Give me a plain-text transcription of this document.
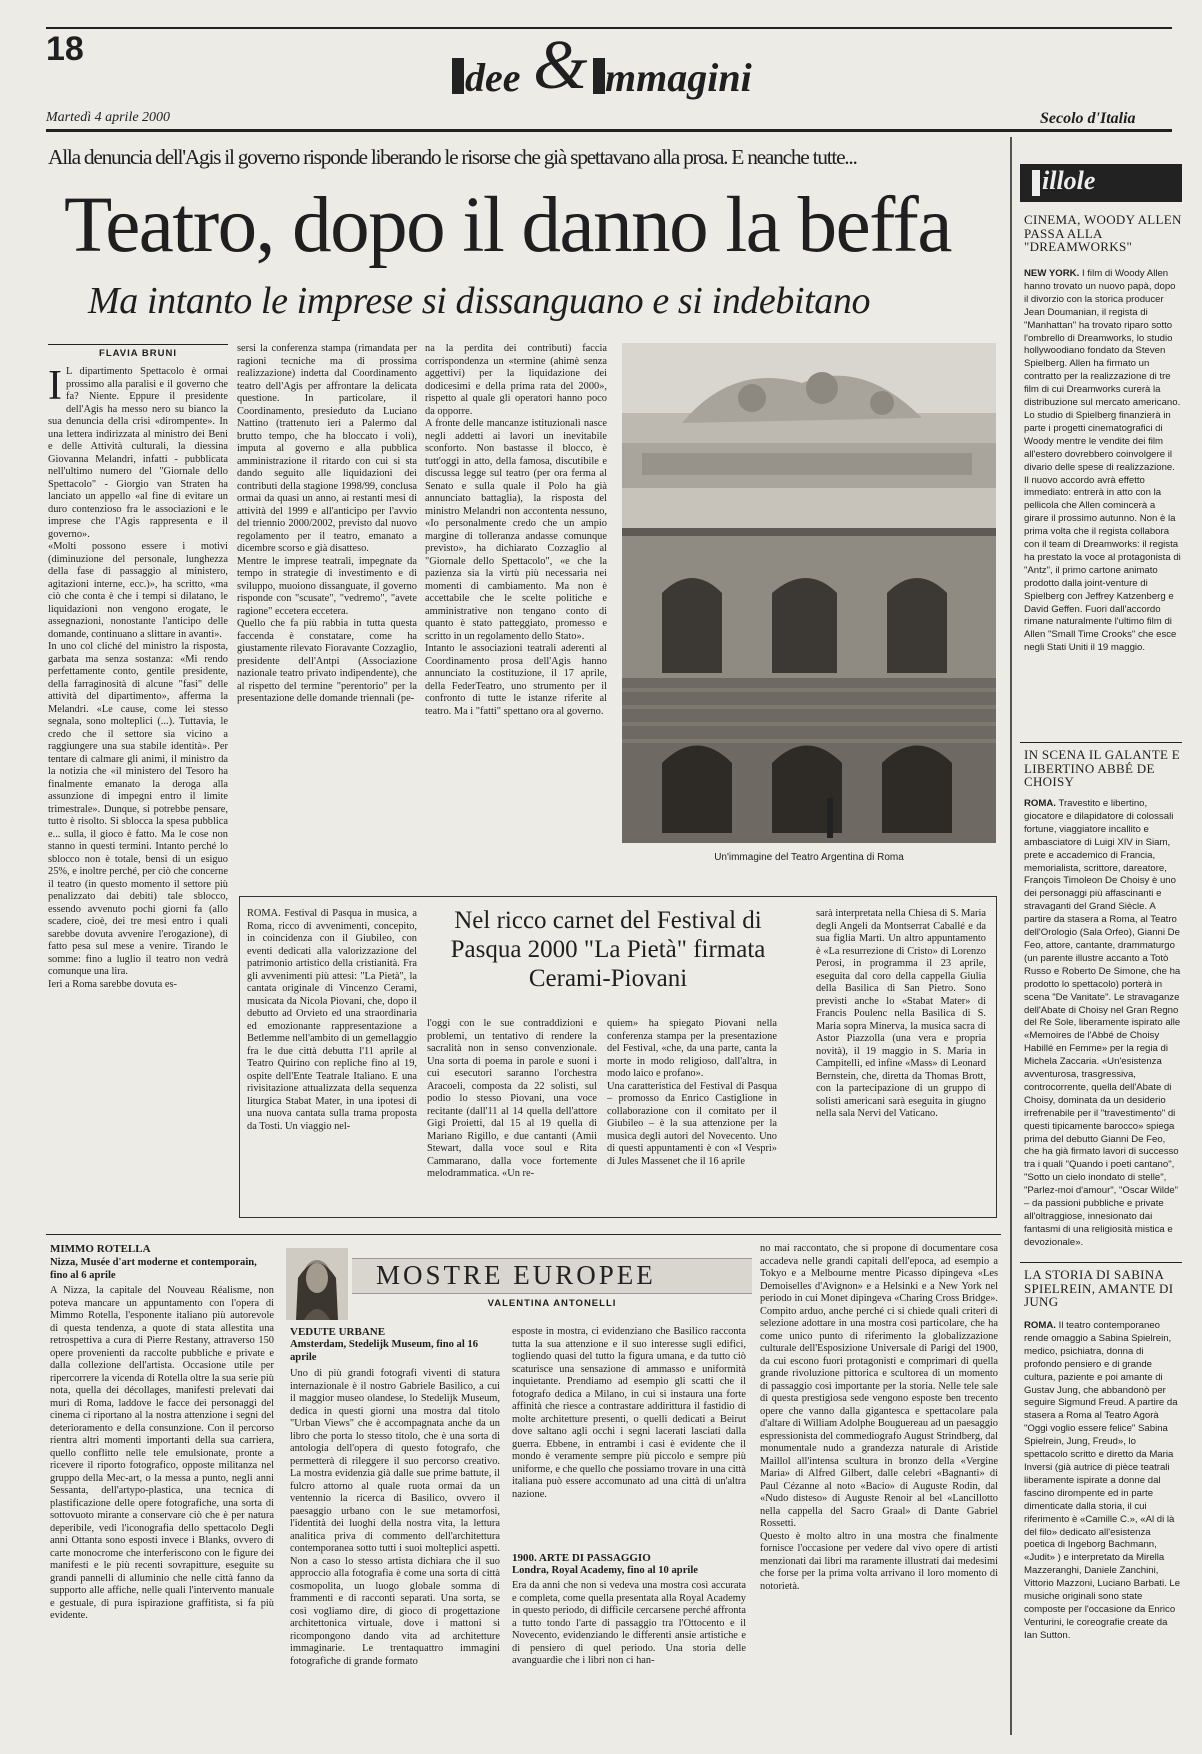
18
dee & mmagini
Martedì 4 aprile 2000	Secolo d'Italia
Alla denuncia dell'Agis il governo risponde liberando le risorse che già spettavano alla prosa. E neanche tutte...
Teatro, dopo il danno la beffa
Ma intanto le imprese si dissanguano e si indebitano
FLAVIA BRUNI
I L dipartimento Spettacolo è ormai prossimo alla paralisi e il governo che fa? Niente. Eppure il presidente dell'Agis ha messo nero su bianco la sua denuncia della crisi «dirompente». In una lettera indirizzata al ministro dei Beni e delle Attività culturali, la diessina Giovanna Melandri, infatti - pubblicata nell'ultimo numero del "Giornale dello Spettacolo" - Giorgio van Straten ha lanciato un appello «al fine di evitare un duro contenzioso fra le associazioni e le imprese che l'Agis rappresenta e il governo».
«Molti possono essere i motivi (diminuzione del personale, lunghezza della fase di passaggio al ministero, agitazioni interne, ecc.)», ha scritto, «ma ciò che conta è che i tempi si dilatano, le liquidazioni non vengono erogate, le assegnazioni, nonostante l'anticipo delle domande, continuano a slittare in avanti».
In uno col cliché del ministro la risposta, garbata ma senza sostanza: «Mi rendo perfettamente conto, gentile presidente, della farraginosità di alcune "fasi" delle attività del dipartimento», afferma la Melandri. «Le cause, come lei stesso segnala, sono molteplici (...). Tuttavia, le credo che il settore sia vicino a raggiungere una sua stabile identità». Per tentare di calmare gli animi, il ministro da la notizia che «il ministero del Tesoro ha finalmente emanato la deroga alla assunzione di impegni entro il limite trimestrale». Dunque, si potrebbe pensare, tutto è risolto. Si sblocca la spesa pubblica e... sulla, il gioco è fatto. Ma le cose non stanno in questi termini. Intanto perché lo sblocco non è totale, bensì di un esiguo 25%, e inoltre perché, per ciò che concerne il teatro (in questo momento il settore più penalizzato dai debiti) tale sblocco, essendo avvenuto pochi giorni fa (allo scadere, cioè, dei tre mesi entro i quali sarebbe dovuta avvenire l'erogazione), di fatto pesa sul mese a venire. Tirando le somme: fino a luglio il teatro non vedrà comunque una lira.
Ieri a Roma sarebbe dovuta es-
sersi la conferenza stampa (rimandata per ragioni tecniche ma di prossima realizzazione) indetta dal Coordinamento teatro dell'Agis per affrontare la delicata questione. In particolare, il Coordinamento, presieduto da Luciano Nattino (trattenuto ieri a Palermo dal brutto tempo, che ha bloccato i voli), imputa al governo e alla pubblica amministrazione il ritardo con cui si sta dando seguito alle liquidazioni dei contributi della stagione 1998/99, conclusa ormai da quasi un anno, ai restanti mesi di attività del 1999 e all'anticipo per l'avvio del triennio 2000/2002, previsto dal nuovo regolamento per il teatro, emanato a dicembre scorso e già disatteso.
Mentre le imprese teatrali, impegnate da tempo in strategie di investimento e di sviluppo, muoiono dissanguate, il governo risponde con "scusate", "vedremo", "avete ragione" eccetera eccetera.
Quello che fa più rabbia in tutta questa faccenda è constatare, come ha giustamente rilevato Fioravante Cozzaglio, presidente dell'Antpi (Associazione nazionale teatro privato indipendente), che al rispetto del termine "perentorio" per la presentazione delle domande triennali (pe-
na la perdita dei contributi) faccia corrispondenza un «termine (ahimè senza aggettivi) per la liquidazione dei dodicesimi e della prima rata del 2000», rispetto al quale gli operatori hanno poco da opporre.
A fronte delle mancanze istituzionali nasce negli addetti ai lavori un inevitabile sconforto. Non bastasse il blocco, è tutt'oggi in atto, della famosa, discutibile e discussa legge sul teatro (per ora ferma al Senato e sulla quale il Polo ha già annunciato battaglia), la risposta del ministro Melandri non accontenta nessuno, «Io personalmente credo che un ampio margine di tolleranza andasse comunque previsto», ha dichiarato Cozzaglio al "Giornale dello Spettacolo", «e che la pazienza sia la virtù più necessaria nei momenti di cambiamento. Ma non è accettabile che le scelte politiche e amministrative non tengano conto di quanto è stato patteggiato, promesso e scritto in un regolamento dello Stato».
Intanto le associazioni teatrali aderenti al Coordinamento prosa dell'Agis hanno annunciato la costituzione, il 17 aprile, della FederTeatro, uno strumento per il confronto di tutte le istanze riferite al teatro. Ma i "fatti" spettano ora al governo.
Un'immagine del Teatro Argentina di Roma
ROMA. Festival di Pasqua in musica, a Roma, ricco di avvenimenti, concepito, in coincidenza con il Giubileo, con eventi dedicati alla valorizzazione del patrimonio artistico della cristianità. Fra gli avvenimenti più attesi: "La Pietà", la cantata originale di Vincenzo Cerami, musicata da Nicola Piovani, che, dopo il debutto ad Orvieto ed una straordinaria ed emozionante rappresentazione a Betlemme nell'ambito di un gemellaggio fra le due città debutta l'11 aprile al Teatro Quirino con repliche fino al 19, ospite dell'Ente Teatrale Italiano. E una rivisitazione attualizzata della sequenza liturgica Stabat Mater, in una ipotesi di una nuova cantata sulla trama proposta da Tosti. Un viaggio nel-
Nel ricco carnet del Festival di Pasqua 2000 "La Pietà" firmata Cerami-Piovani
l'oggi con le sue contraddizioni e problemi, un tentativo di rendere la sacralità non in senso convenzionale. Una sorta di poema in parole e suoni i cui esecutori saranno l'orchestra Aracoeli, composta da 22 solisti, sul podio lo stesso Piovani, una voce recitante (dall'11 al 14 quella dell'attore Gigi Proietti, dal 15 al 19 quella di Mariano Rigillo, e due cantanti (Amii Stewart, dalla voce soul e Rita Cammarano, dalla voce fortemente melodrammatica. «Un re-
quiem» ha spiegato Piovani nella conferenza stampa per la presentazione del Festival, «che, da una parte, canta la morte in modo religioso, dall'altra, in modo laico e profano».
Una caratteristica del Festival di Pasqua – promosso da Enrico Castiglione in collaborazione con il comitato per il Giubileo – è la sua attenzione per la musica degli autori del Novecento. Uno di questi appuntamenti è con «I Vespri» di Jules Massenet che il 16 aprile
sarà interpretata nella Chiesa di S. Maria degli Angeli da Montserrat Caballé e da sua figlia Martì. Un altro appuntamento è «La resurrezione di Cristo» di Lorenzo Perosi, in programma il 23 aprile, eseguita dal coro della cappella Giulia della Basilica di San Pietro. Sono previsti anche lo «Stabat Mater» di Francis Poulenc nella Basilica di S. Maria sopra Minerva, la musica sacra di Astor Piazzolla (una vera e propria novità), il 19 maggio in S. Maria in Campitelli, ed infine «Mass» di Leonard Bernstein, che, diretta da Thomas Brott, con la partecipazione di un gruppo di solisti americani sarà eseguita in giugno nella sala Nervi del Vaticano.
illole
CINEMA, WOODY ALLEN PASSA ALLA "DREAMWORKS"

NEW YORK. I film di Woody Allen hanno trovato un nuovo papà, dopo il divorzio con la storica producer Jean Doumanian, il regista di "Manhattan" ha trovato riparo sotto l'ombrello di Dreamworks, lo studio hollywoodiano fondato da Steven Spielberg. Allen ha firmato un contratto per la realizzazione di tre film di cui Dreamworks curerà la distribuzione sul mercato americano. Lo studio di Spielberg finanzierà in parte i progetti cinematografici di Woody mentre le vendite dei film all'estero dovrebbero coinvolgere il divario delle spese di realizzazione. Il nuovo accordo avrà effetto immediato: entrerà in atto con la pellicola che Allen comincerà a girare il prossimo autunno. Non è la prima volta che il regista collabora con il team di Dreamworks: il regista ha prestato la voce al protagonista di "Antz", il primo cartone animato prodotto dalla joint-venture di Spielberg con Jeffrey Katzenberg e David Geffen. Fuori dall'accordo rimane naturalmente l'ultimo film di Allen "Small Time Crooks" che esce negli Stati Uniti il 19 maggio.

IN SCENA IL GALANTE E LIBERTINO ABBÉ DE CHOISY

ROMA. Travestito e libertino, giocatore e dilapidatore di colossali fortune, viaggiatore incallito e ambasciatore di Luigi XIV in Siam, prete e accademico di Francia, memorialista, scrittore, dareatore, François Timoleon De Choisy è uno dei personaggi più affascinanti e stravaganti del Grand Siècle. A partire da stasera a Roma, al Teatro dell'Orologio (Sala Orfeo), Gianni De Feo, attore, cantante, drammaturgo (un parente illustre accanto a Totò Russo e Roberto De Simone, che ha prodotto lo spettacolo) porterà in scena "De Vanitate". Le stravaganze dell'Abate di Choisy nel Gran Regno del Re Sole, liberamente ispirato alle «Memoires de l'Abbé de Choisy Habillé en Femme» per la regia di Michela Zaccaria. «Un'esistenza avventurosa, trasgressiva, controcorrente, quella dell'Abate di Choisy, dominata da un desiderio irrefrenabile per il "travestimento" di questi tipicamente barocco» spiega prima del debutto Gianni De Feo, che ha già firmato lavori di successo tra i quali "Quando i poeti cantano", "Sotto un cielo inondato di stelle", "Parlez-moi d'amour", "Oscar Wilde" – da passioni pubbliche e private all'oltraggiose, innesionato dai fantasmi di una religiosità mistica e devozionale».

LA STORIA DI SABINA SPIELREIN, AMANTE DI JUNG

ROMA. Il teatro contemporaneo rende omaggio a Sabina Spielrein, medico, psichiatra, donna di profondo pensiero e di grande cultura, paziente e poi amante di Gustav Jung, che abbandonò per seguire Sigmund Freud. A partire da stasera a Roma al Teatro Agorà "Oggi voglio essere felice" Sabina Spielrein, Jung, Freud», lo spettacolo scritto e diretto da Maria Inversi (già autrice di pièce teatrali liberamente ispirate a donne dal fascino dirompente ed in parte dimenticate dalla storia, il cui riferimento è «Camille C.», «Al di là del filo» dedicato all'esistenza poetica di Ingeborg Bachmann, «Judit» ) e interpretato da Mirella Mazzeranghi, Daniele Zanchini, Vittorio Mazzoni, Luciano Barbati. Le musiche originali sono state composte per l'occasione da Enrico Venturini, le coreografie create da Ian Sutton.

MIMMO ROTELLA
Nizza, Musée d'art moderne et contemporain, fino al 6 aprile
A Nizza, la capitale del Nouveau Réalisme, non poteva mancare un appuntamento con l'opera di Mimmo Rotella, l'esponente italiano più autorevole di questa tendenza, a quote di stata allestita una retrospettiva a cura di Pierre Restany, attraverso 150 opere provenienti da raccolte pubbliche e private e dalla collezione dell'artista. Occasione utile per ripercorrere la vicenda di Rotella oltre la sua serie più nota, quella dei décollages, manifesti prelevati dai muri di Roma, laddove le facce dei personaggi del cinema ci riportano al la nostra attenzione i segni del deterioramento e della consunzione. Con il percorso rientra altri momenti importanti della sua carriera, quello conflitto nelle tele emulsionate, pronte a ricevere il riporto fotografico, opposte militanza nel gruppo della Mec-art, o la messa a punto, negli anni Sessanta, dell'artypo-plastica, una tecnica di plastificazione delle opere fotografiche, una sorta di sottovuoto mirante a conservare ciò che è per natura deperibile, vedi l'iconografia dello spettacolo Degli anni Ottanta sono esposti invece i Blanks, ovvero di carte monocrome che interferiscono con le figure dei manifesti e le più recenti sovrapitture, eseguite su grandi pannelli di alluminio che nelle città fanno da supporto alle affiche, nelle quali l'intervento manuale e gestuale, di pura ispirazione graffitista, si fa più evidente.
MOSTRE EUROPEE
VALENTINA ANTONELLI
VEDUTE URBANE
Amsterdam, Stedelijk Museum, fino al 16 aprile
Uno di più grandi fotografi viventi di statura internazionale è il nostro Gabriele Basilico, a cui il maggior museo olandese, lo Stedelijk Museum, dedica in questi giorni una mostra dal titolo "Urban Views" che è accompagnata anche da un libro che porta lo stesso titolo, che è una sorta di antologia dell'opera di questo fotografo, che permetterà di rileggere il suo percorso creativo. La mostra evidenzia già dalle sue prime battute, il fulcro attorno al quale ruota ormai da un ventennio la ricerca di Basilico, ovvero il paesaggio urbano con le sue metamorfosi, l'identità dei luoghi della nostra vita, la lettura analitica priva di commento dell'architettura contemporanea sotto tutti i suoi molteplici aspetti. Non a caso lo stesso artista dichiara che il suo approccio alla fotografia è come una sorta di città cosmopolita, un luogo globale somma di frammenti e di racconti separati. Una sorta, se così vogliamo dire, di gioco di progettazione architettonica virtuale, dove i mattoni si ricompongono dando vita ad architetture immaginarie. Le trentaquattro immagini fotografiche di grande formato
esposte in mostra, ci evidenziano che Basilico racconta tutta la sua attenzione e il suo interesse sugli edifici, togliendo quasi del tutto la figura umana, e da tutto ciò scaturisce una sensazione di ammasso e uniformità inquietante. Prendiamo ad esempio gli scatti che il fotografo dedica a Milano, in cui si instaura una forte affinità che riesce a contrastare addirittura il fastidio di molte architetture presenti, o quelli dedicati a Beirut dove saltano agli occhi i segni lacerati lasciati dalla guerra. Ebbene, in entrambi i casi è evidente che il mondo è veramente sempre più piccolo e sempre più uniforme, e che quello che possiamo trovare in una città italiana può essere accomunato ad una città di un'altra nazione.
1900. ARTE DI PASSAGGIO
Londra, Royal Academy, fino al 10 aprile
Era da anni che non si vedeva una mostra così accurata e completa, come quella presentata alla Royal Academy in questo periodo, di difficile cercarsene perché affronta a tutto tondo l'arte di passaggio tra l'Ottocento e il Novecento, evidenziando le differenti ansie artistiche e di pensiero di quel periodo. Una storia delle avanguardie che i libri non ci han-
no mai raccontato, che si propone di documentare cosa accadeva nelle grandi capitali dell'epoca, ad esempio a Tokyo e a Melbourne mentre Picasso dipingeva «Les Demoiselles d'Avignon» e a Helsinki e a New York nel periodo in cui Monet dipingeva «Charing Cross Bridge». Compito arduo, anche perché ci si chiede quali criteri di selezione adottare in una mostra così particolare, che ha come unico punto di riferimento la globalizzazione culturale dell'Esposizione Universale di Parigi del 1900, da cui escono fuori protagonisti e comprimari di quella grande rivoluzione pittorica e scultorea di un momento di passaggio così importante per la storia. Nelle tele sale di questa prestigiosa sede vengono esposte ben trecento opere che vanno dalla gigantesca e spettacolare pala d'altare di William Adolphe Bouguereau ad un paesaggio espressionista del commediografo August Strindberg, dal monumentale nudo a grandezza naturale di Aristide Maillol all'intensa scultura in bronzo della «Vergine Maria» di Alfred Gilbert, dalle celebri «Bagnanti» di Paul Cézanne al noto «Bacio» di Auguste Rodin, dal «Nudo disteso» di Auguste Renoir al bel «Lancillotto nella cappella del Sacro Graal» di Dante Gabriel Rossetti.
Questo è molto altro in una mostra che finalmente fornisce l'occasione per vedere dal vivo opere di artisti menzionati dai libri ma raramente illustrati dai medesimi che forse per la prima volta arrivano il loro momento di notorietà.
